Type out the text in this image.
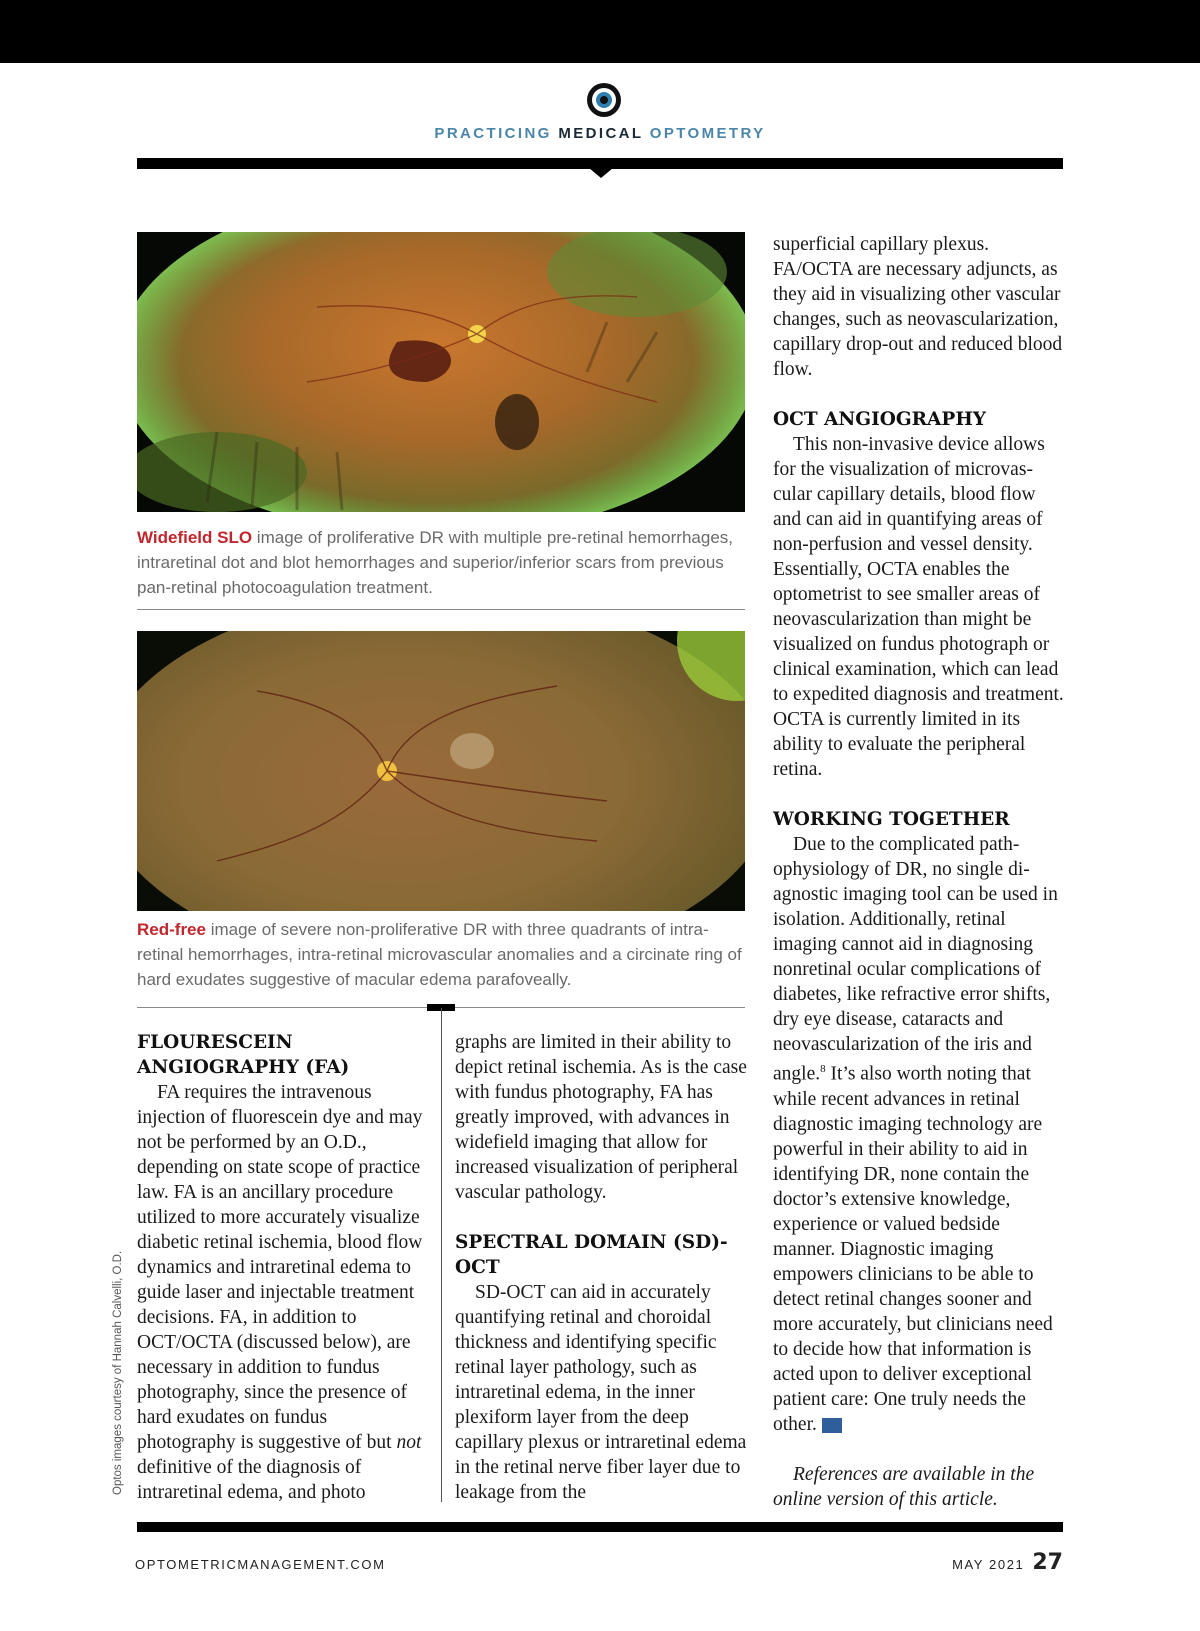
PRACTICING MEDICAL OPTOMETRY
Widefield SLO image of proliferative DR with multiple pre-retinal hemorrhages, intraretinal dot and blot hemorrhages and superior/inferior scars from previous pan-retinal photocoagulation treatment.
Red-free image of severe non-proliferative DR with three quadrants of intraretinal hemorrhages, intra-retinal microvascular anomalies and a circinate ring of hard exudates suggestive of macular edema parafoveally.
FLOURESCEIN ANGIOGRAPHY (FA)

FA requires the intravenous injection of fluorescein dye and may not be performed by an O.D., depending on state scope of practice law. FA is an ancillary procedure utilized to more accurately visualize diabetic retinal ischemia, blood flow dynamics and intraretinal edema to guide laser and injectable treatment decisions. FA, in addition to OCT/OCTA (discussed below), are necessary in addition to fundus photography, since the presence of hard exudates on fundus photography is suggestive of but not definitive of the diagnosis of intraretinal edema, and photo

graphs are limited in their ability to depict retinal ischemia. As is the case with fundus photography, FA has greatly improved, with advances in widefield imaging that allow for increased visualization of peripheral vascular pathology.

SPECTRAL DOMAIN (SD)-OCT

SD-OCT can aid in accurately quantifying retinal and choroidal thickness and identifying specific retinal layer pathology, such as intraretinal edema, in the inner plexiform layer from the deep capillary plexus or intraretinal edema in the retinal nerve fiber layer due to leakage from the

superficial capillary plexus. FA/OCTA are necessary adjuncts, as they aid in visualizing other vascular changes, such as neovascularization, capillary drop-out and reduced blood flow.

OCT ANGIOGRAPHY

This non-invasive device allows for the visualization of microvascular capillary details, blood flow and can aid in quantifying areas of non-perfusion and vessel density. Essentially, OCTA enables the optometrist to see smaller areas of neovascularization than might be visualized on fundus photograph or clinical examination, which can lead to expedited diagnosis and treatment. OCTA is currently limited in its ability to evaluate the peripheral retina.

WORKING TOGETHER

Due to the complicated pathophysiology of DR, no single diagnostic imaging tool can be used in isolation. Additionally, retinal imaging cannot aid in diagnosing nonretinal ocular complications of diabetes, like refractive error shifts, dry eye disease, cataracts and neovascularization of the iris and angle.$^8$ It’s also worth noting that while recent advances in retinal diagnostic imaging technology are powerful in their ability to aid in identifying DR, none contain the doctor’s extensive knowledge, experience or valued bedside manner. Diagnostic imaging empowers clinicians to be able to detect retinal changes sooner and more accurately, but clinicians need to decide how that information is acted upon to deliver exceptional patient care: One truly needs the other. OM

References are available in the online version of this article.

Optos images courtesy of Hannah Calvelli, O.D.
OPTOMETRICMANAGEMENT.COM	MAY 2021 27
